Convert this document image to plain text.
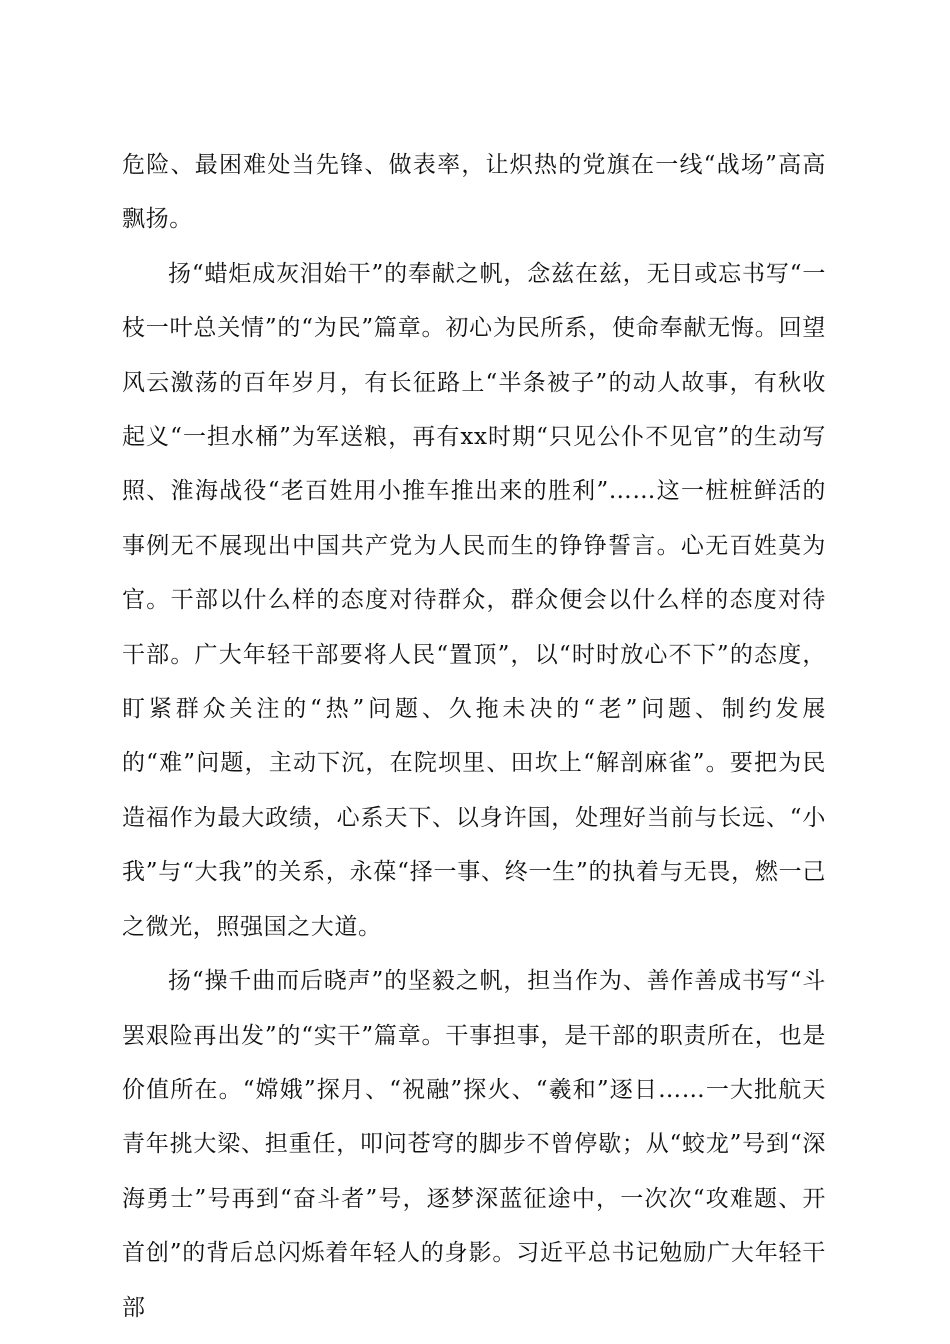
危险、最困难处当先锋、做表率，让炽热的党旗在一线“战场”高高飘扬。

扬“蜡炬成灰泪始干”的奉献之帆，念兹在兹，无日或忘书写“一枝一叶总关情”的“为民”篇章。初心为民所系，使命奉献无悔。回望风云激荡的百年岁月，有长征路上“半条被子”的动人故事，有秋收起义“一担水桶”为军送粮，再有xx时期“只见公仆不见官”的生动写照、淮海战役“老百姓用小推车推出来的胜利”……这一桩桩鲜活的事例无不展现出中国共产党为人民而生的铮铮誓言。心无百姓莫为官。干部以什么样的态度对待群众，群众便会以什么样的态度对待干部。广大年轻干部要将人民“置顶”，以“时时放心不下”的态度，盯紧群众关注的“热”问题、久拖未决的“老”问题、制约发展的“难”问题，主动下沉，在院坝里、田坎上“解剖麻雀”。要把为民造福作为最大政绩，心系天下、以身许国，处理好当前与长远、“小我”与“大我”的关系，永葆“择一事、终一生”的执着与无畏，燃一己之微光，照强国之大道。

扬“操千曲而后晓声”的坚毅之帆，担当作为、善作善成书写“斗罢艰险再出发”的“实干”篇章。干事担事，是干部的职责所在，也是价值所在。“嫦娥”探月、“祝融”探火、“羲和”逐日……一大批航天青年挑大梁、担重任，叩问苍穹的脚步不曾停歇；从“蛟龙”号到“深海勇士”号再到“奋斗者”号，逐梦深蓝征途中，一次次“攻难题、开首创”的背后总闪烁着年轻人的身影。习近平总书记勉励广大年轻干部
